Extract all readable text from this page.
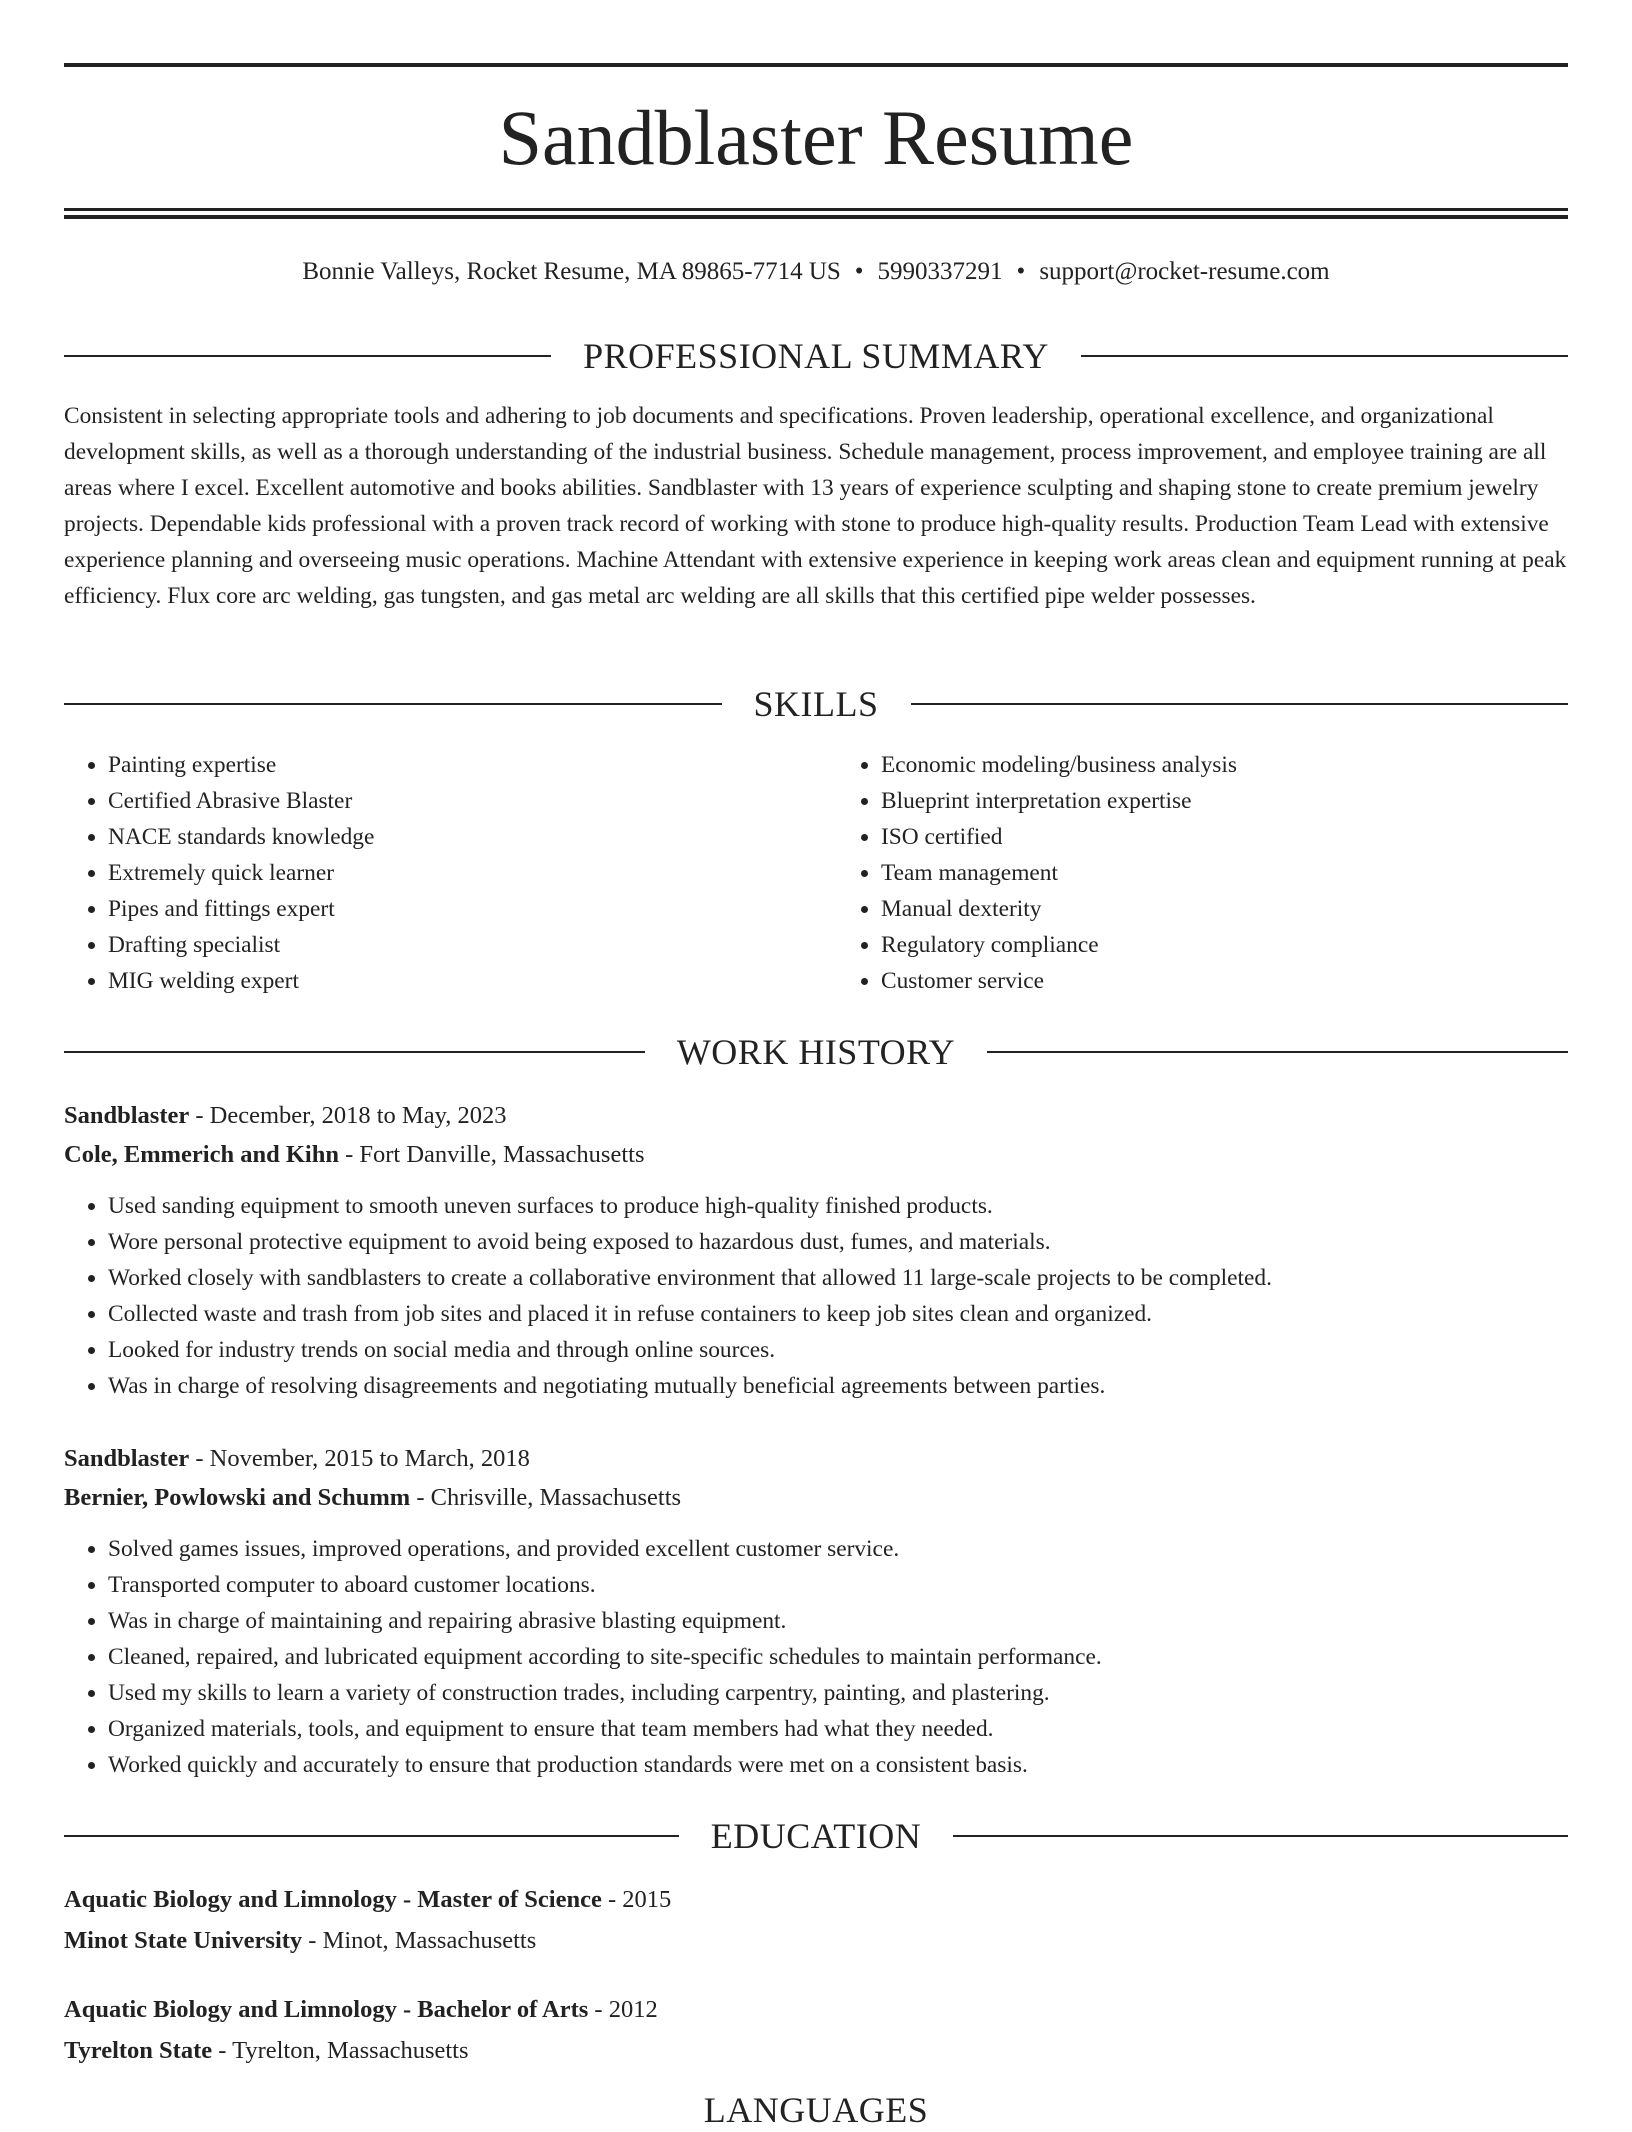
Sandblaster Resume
Bonnie Valleys, Rocket Resume, MA 89865-7714 US • 5990337291 • support@rocket-resume.com
PROFESSIONAL SUMMARY

Consistent in selecting appropriate tools and adhering to job documents and specifications. Proven leadership, operational excellence, and organizational development skills, as well as a thorough understanding of the industrial business. Schedule management, process improvement, and employee training are all areas where I excel. Excellent automotive and books abilities. Sandblaster with 13 years of experience sculpting and shaping stone to create premium jewelry projects. Dependable kids professional with a proven track record of working with stone to produce high-quality results. Production Team Lead with extensive experience planning and overseeing music operations. Machine Attendant with extensive experience in keeping work areas clean and equipment running at peak efficiency. Flux core arc welding, gas tungsten, and gas metal arc welding are all skills that this certified pipe welder possesses.

SKILLS
• Painting expertise
• Certified Abrasive Blaster
• NACE standards knowledge
• Extremely quick learner
• Pipes and fittings expert
• Drafting specialist
• MIG welding expert
• Economic modeling/business analysis
• Blueprint interpretation expertise
• ISO certified
• Team management
• Manual dexterity
• Regulatory compliance
• Customer service
WORK HISTORY

Sandblaster - December, 2018 to May, 2023

Cole, Emmerich and Kihn - Fort Danville, Massachusetts

• Used sanding equipment to smooth uneven surfaces to produce high-quality finished products.
• Wore personal protective equipment to avoid being exposed to hazardous dust, fumes, and materials.
• Worked closely with sandblasters to create a collaborative environment that allowed 11 large-scale projects to be completed.
• Collected waste and trash from job sites and placed it in refuse containers to keep job sites clean and organized.
• Looked for industry trends on social media and through online sources.
• Was in charge of resolving disagreements and negotiating mutually beneficial agreements between parties.

Sandblaster - November, 2015 to March, 2018

Bernier, Powlowski and Schumm - Chrisville, Massachusetts

• Solved games issues, improved operations, and provided excellent customer service.
• Transported computer to aboard customer locations.
• Was in charge of maintaining and repairing abrasive blasting equipment.
• Cleaned, repaired, and lubricated equipment according to site-specific schedules to maintain performance.
• Used my skills to learn a variety of construction trades, including carpentry, painting, and plastering.
• Organized materials, tools, and equipment to ensure that team members had what they needed.
• Worked quickly and accurately to ensure that production standards were met on a consistent basis.
EDUCATION

Aquatic Biology and Limnology - Master of Science - 2015

Minot State University - Minot, Massachusetts

Aquatic Biology and Limnology - Bachelor of Arts - 2012

Tyrelton State - Tyrelton, Massachusetts

LANGUAGES
